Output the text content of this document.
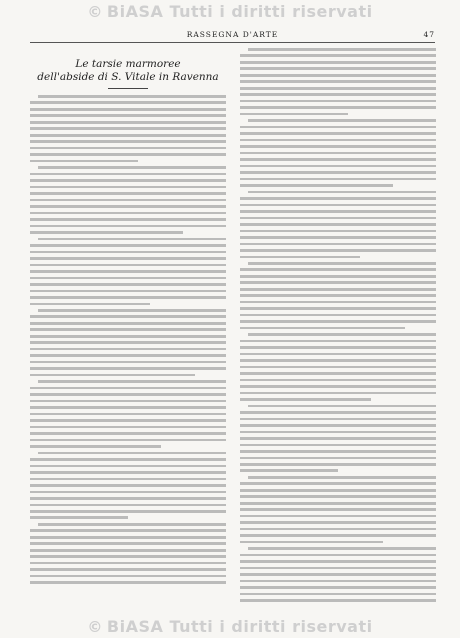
© BiASA Tutti i diritti riservati
RASSEGNA D'ARTE	47
Le tarsie marmoree
dell'abside di S. Vitale in Ravenna
© BiASA Tutti i diritti riservati
